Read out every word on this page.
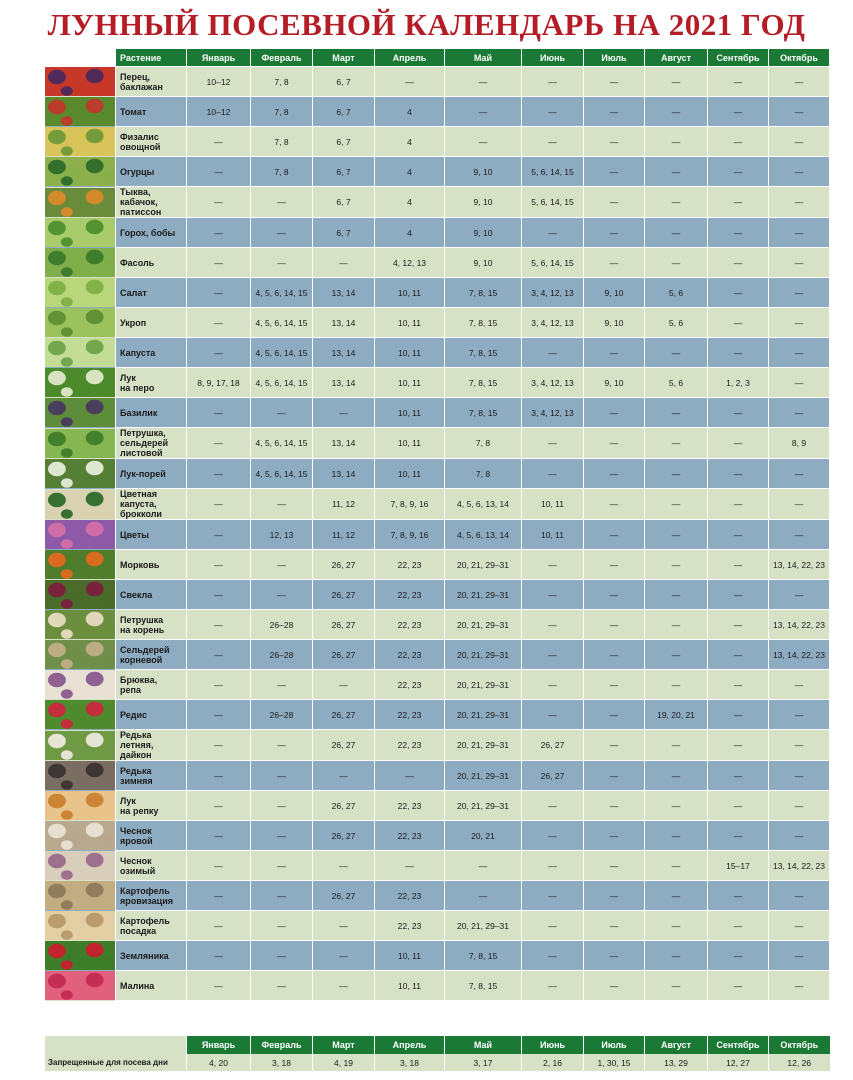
ЛУННЫЙ ПОСЕВНОЙ КАЛЕНДАРЬ НА 2021 ГОД
	Растение	Январь	Февраль	Март	Апрель	Май	Июнь	Июль	Август	Сентябрь	Октябрь

	Перец,
баклажан	10–12	7, 8	6, 7	—	—	—	—	—	—	—

	Томат	10–12	7, 8	6, 7	4	—	—	—	—	—	—

	Физалис
овощной	—	7, 8	6, 7	4	—	—	—	—	—	—

	Огурцы	—	7, 8	6, 7	4	9, 10	5, 6, 14, 15	—	—	—	—

	Тыква,
кабачок,
патиссон	—	—	6, 7	4	9, 10	5, 6, 14, 15	—	—	—	—

	Горох, бобы	—	—	6, 7	4	9, 10	—	—	—	—	—

	Фасоль	—	—	—	4, 12, 13	9, 10	5, 6, 14, 15	—	—	—	—

	Салат	—	4, 5, 6, 14, 15	13, 14	10, 11	7, 8, 15	3, 4, 12, 13	9, 10	5, 6	—	—

	Укроп	—	4, 5, 6, 14, 15	13, 14	10, 11	7, 8, 15	3, 4, 12, 13	9, 10	5, 6	—	—

	Капуста	—	4, 5, 6, 14, 15	13, 14	10, 11	7, 8, 15	—	—	—	—	—

	Лук
на перо	8, 9, 17, 18	4, 5, 6, 14, 15	13, 14	10, 11	7, 8, 15	3, 4, 12, 13	9, 10	5, 6	1, 2, 3	—

	Базилик	—	—	—	10, 11	7, 8, 15	3, 4, 12, 13	—	—	—	—

	Петрушка,
сельдерей
листовой	—	4, 5, 6, 14, 15	13, 14	10, 11	7, 8	—	—	—	—	8, 9

	Лук-порей	—	4, 5, 6, 14, 15	13, 14	10, 11	7, 8	—	—	—	—	—

	Цветная
капуста,
брокколи	—	—	11, 12	7, 8, 9, 16	4, 5, 6, 13, 14	10, 11	—	—	—	—

	Цветы	—	12, 13	11, 12	7, 8, 9, 16	4, 5, 6, 13, 14	10, 11	—	—	—	—

	Морковь	—	—	26, 27	22, 23	20, 21, 29–31	—	—	—	—	13, 14, 22, 23

	Свекла	—	—	26, 27	22, 23	20, 21, 29–31	—	—	—	—	—

	Петрушка
на корень	—	26–28	26, 27	22, 23	20, 21, 29–31	—	—	—	—	13, 14, 22, 23

	Сельдерей
корневой	—	26–28	26, 27	22, 23	20, 21, 29–31	—	—	—	—	13, 14, 22, 23

	Брюква,
репа	—	—	—	22, 23	20, 21, 29–31	—	—	—	—	—

	Редис	—	26–28	26, 27	22, 23	20, 21, 29–31	—	—	19, 20, 21	—	—

	Редька
летняя,
дайкон	—	—	26, 27	22, 23	20, 21, 29–31	26, 27	—	—	—	—

	Редька
зимняя	—	—	—	—	20, 21, 29–31	26, 27	—	—	—	—

	Лук
на репку	—	—	26, 27	22, 23	20, 21, 29–31	—	—	—	—	—

	Чеснок
яровой	—	—	26, 27	22, 23	20, 21	—	—	—	—	—

	Чеснок
озимый	—	—	—	—	—	—	—	—	15–17	13, 14, 22, 23

	Картофель
яровизация	—	—	26, 27	22, 23	—	—	—	—	—	—

	Картофель
посадка	—	—	—	22, 23	20, 21, 29–31	—	—	—	—	—

	Земляника	—	—	—	10, 11	7, 8, 15	—	—	—	—	—

	Малина	—	—	—	10, 11	7, 8, 15	—	—	—	—	—
	Январь	Февраль	Март	Апрель	Май	Июнь	Июль	Август	Сентябрь	Октябрь
Запрещенные для посева дни	4, 20	3, 18	4, 19	3, 18	3, 17	2, 16	1, 30, 15	13, 29	12, 27	12, 26
